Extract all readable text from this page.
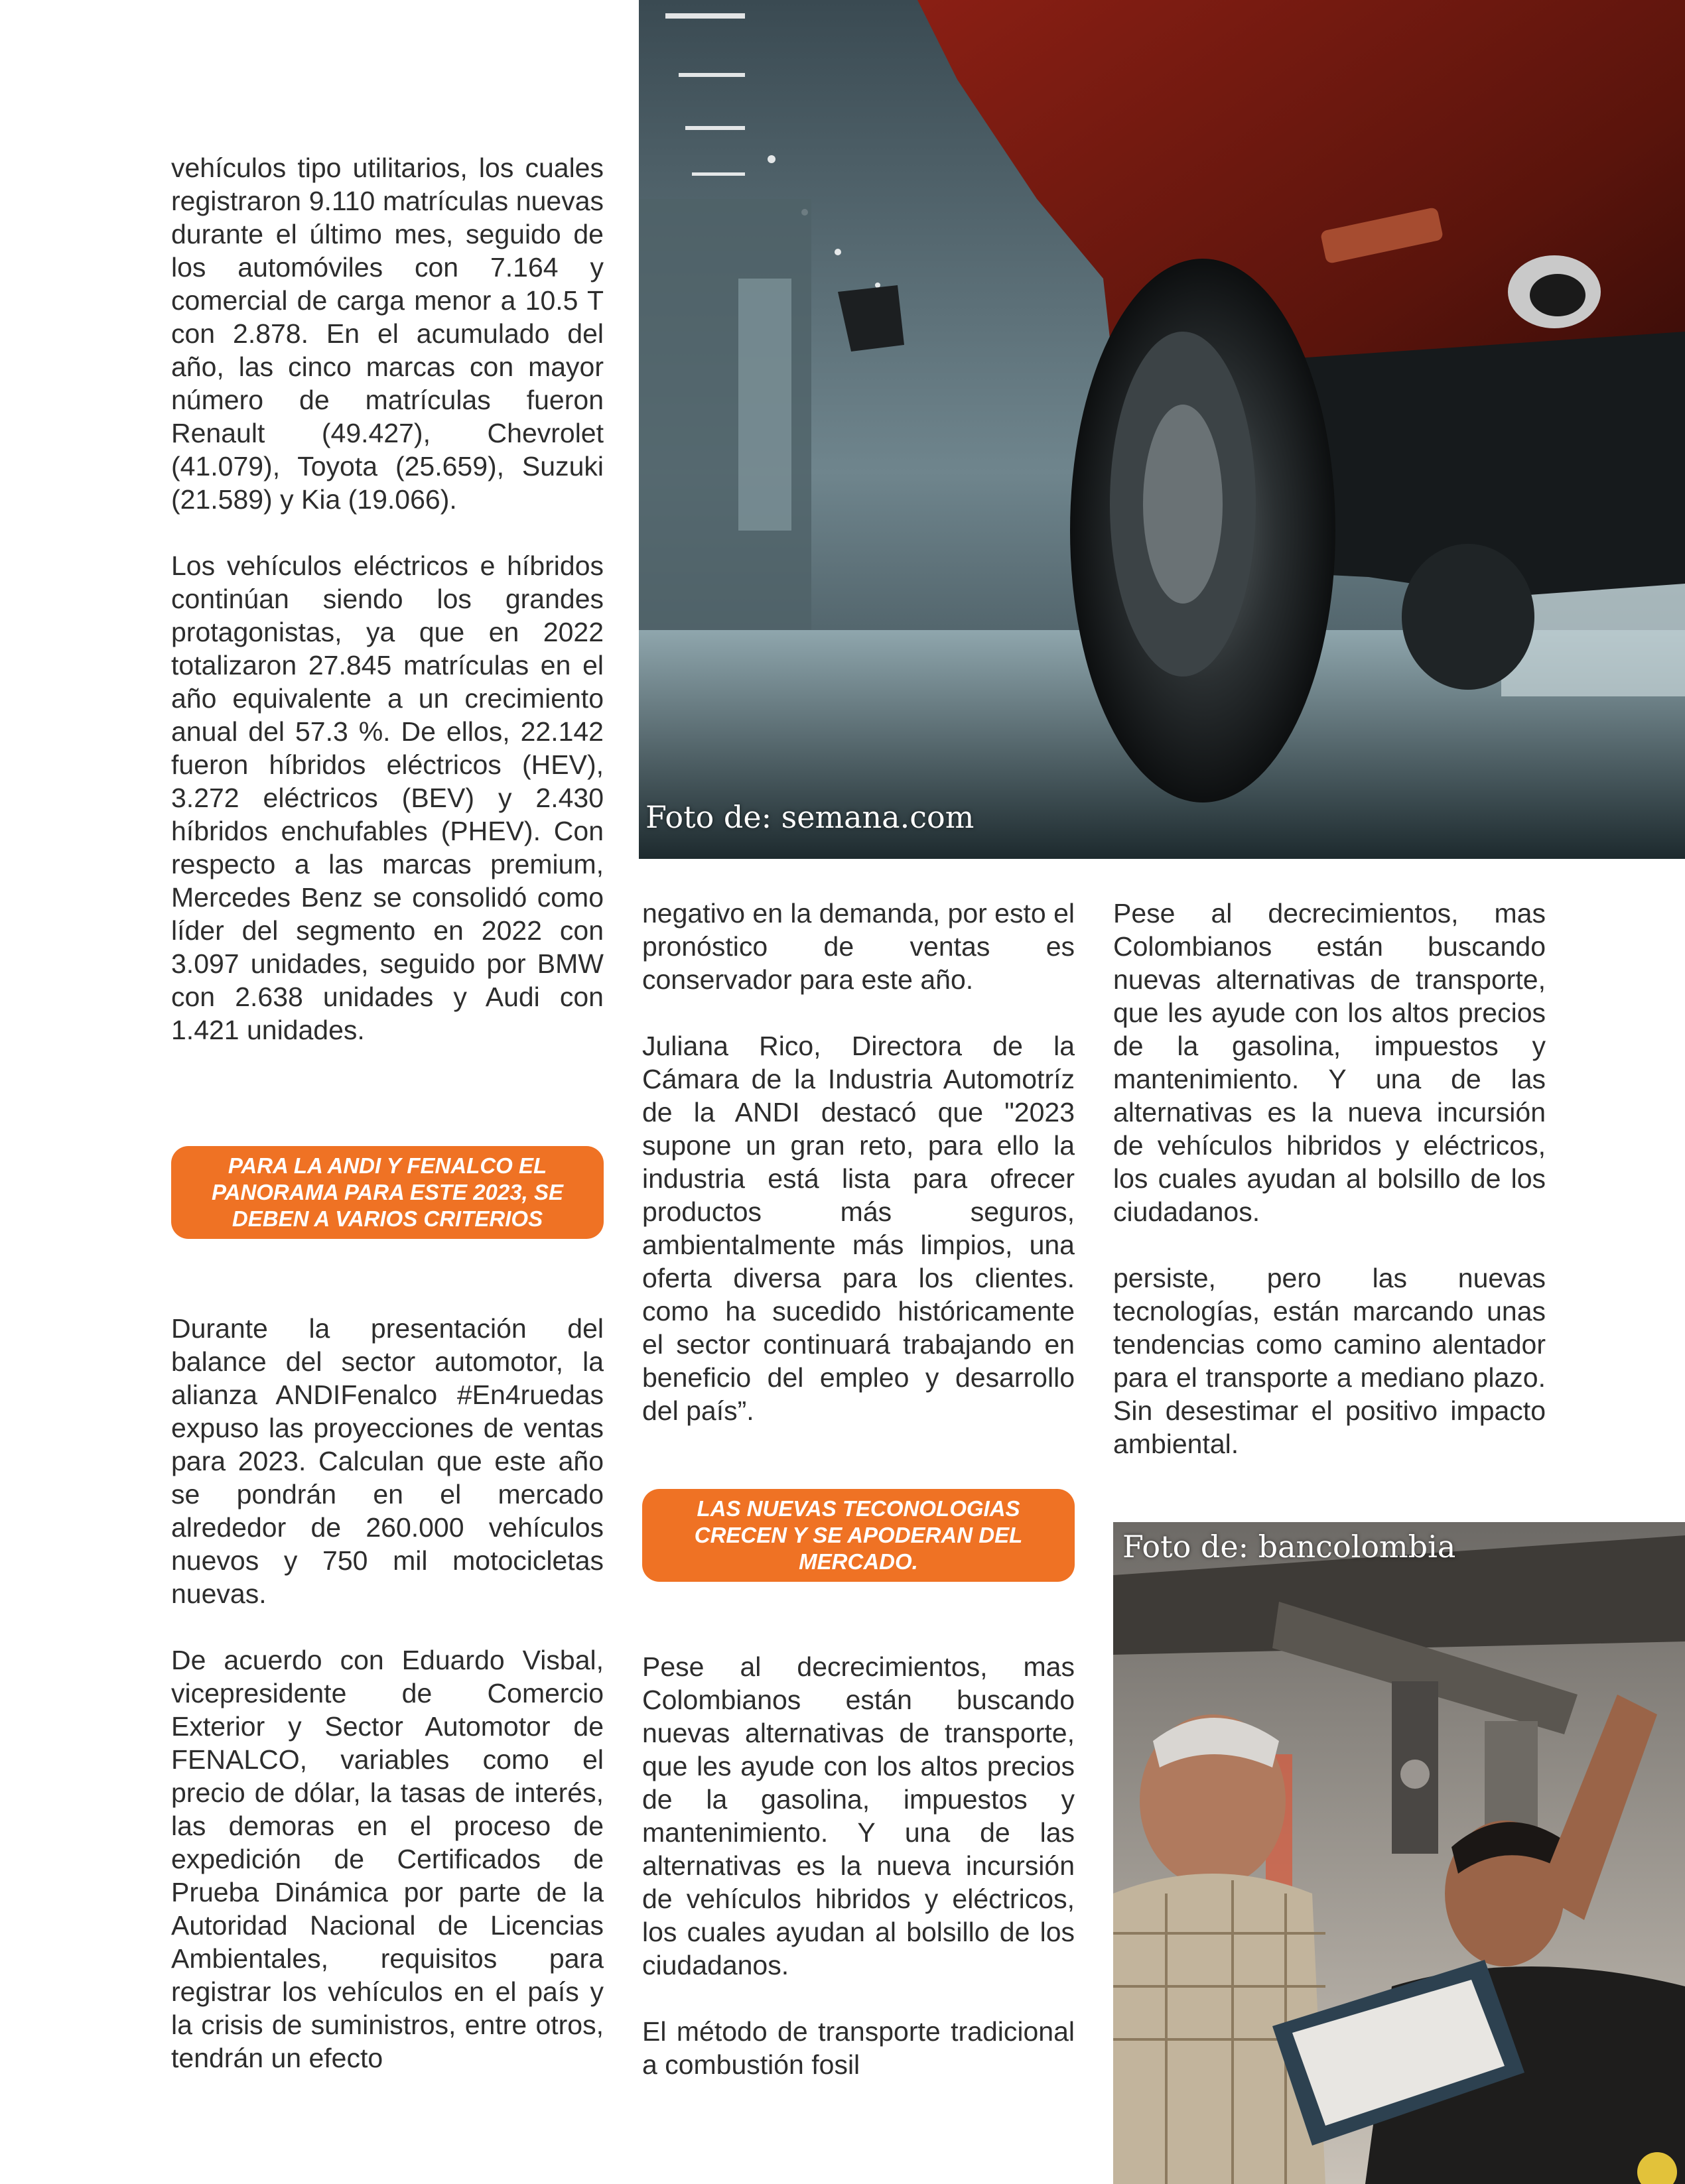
vehículos tipo utilitarios, los cuales registraron 9.110 matrículas nuevas durante el último mes, seguido de los automóviles con 7.164 y comercial de carga menor a 10.5 T con 2.878. En el acumulado del año, las cinco marcas con mayor número de matrículas fueron Renault (49.427), Chevrolet (41.079), Toyota (25.659), Suzuki (21.589) y Kia (19.066).

Los vehículos eléctricos e híbridos continúan siendo los grandes protagonistas, ya que en 2022 totalizaron 27.845 matrículas en el año equivalente a un crecimiento anual del 57.3 %. De ellos, 22.142 fueron híbridos eléctricos (HEV), 3.272 eléctricos (BEV) y 2.430 híbridos enchufables (PHEV). Con respecto a las marcas premium, Mercedes Benz se consolidó como líder del segmento en 2022 con 3.097 unidades, seguido por BMW con 2.638 unidades y Audi con 1.421 unidades.

PARA LA ANDI Y FENALCO EL PANORAMA PARA ESTE 2023, SE DEBEN A VARIOS CRITERIOS

Durante la presentación del balance del sector automotor, la alianza ANDIFenalco #En4ruedas expuso las proyecciones de ventas para 2023. Calculan que este año se pondrán en el mercado alrededor de 260.000 vehículos nuevos y 750 mil motocicletas nuevas.

De acuerdo con Eduardo Visbal, vicepresidente de Comercio Exterior y Sector Automotor de FENALCO, variables como el precio de dólar, la tasas de interés, las demoras en el proceso de expedición de Certificados de Prueba Dinámica por parte de la Autoridad Nacional de Licencias Ambientales, requisitos para registrar los vehículos en el país y la crisis de suministros, entre otros, tendrán un efecto

Foto de: semana.com

negativo en la demanda, por esto el pronóstico de ventas es conservador para este año.

Juliana Rico, Directora de la Cámara de la Industria Automotríz de la ANDI destacó que "2023 supone un gran reto, para ello la industria está lista para ofrecer productos más seguros, ambientalmente más limpios, una oferta diversa para los clientes. como ha sucedido históricamente el sector continuará trabajando en beneficio del empleo y desarrollo del país”.

LAS NUEVAS TECONOLOGIAS CRECEN Y SE APODERAN DEL MERCADO.

Pese al decrecimientos, mas Colombianos están buscando nuevas alternativas de transporte, que les ayude con los altos precios de la gasolina, impuestos y mantenimiento. Y una de las alternativas es la nueva incursión de vehículos hibridos y eléctricos, los cuales ayudan al bolsillo de los ciudadanos.

El método de transporte tradicional a combustión fosil

Pese al decrecimientos, mas Colombianos están buscando nuevas alternativas de transporte, que les ayude con los altos precios de la gasolina, impuestos y mantenimiento. Y una de las alternativas es la nueva incursión de vehículos hibridos y eléctricos, los cuales ayudan al bolsillo de los ciudadanos.

persiste, pero las nuevas tecnologías, están marcando unas tendencias como camino alentador para el transporte a mediano plazo. Sin desestimar el positivo impacto ambiental.

Foto de: bancolombia
